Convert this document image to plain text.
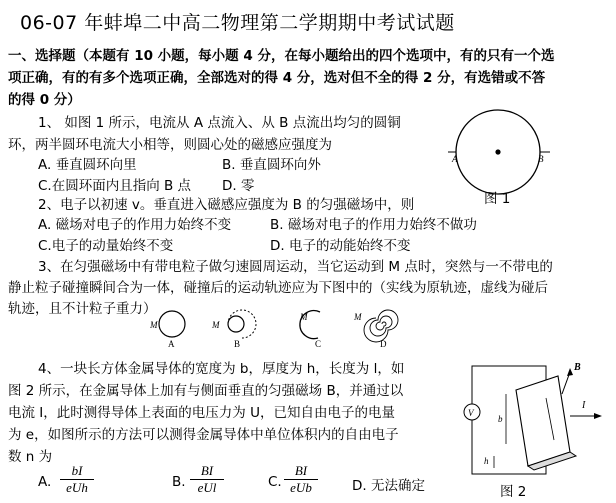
06-07 年蚌埠二中高二物理第二学期期中考试试题
一、选择题（本题有 10 小题，每小题 4 分，在每小题给出的四个选项中，有的只有一个选
项正确，有的有多个选项正确，全部选对的得 4 分，选对但不全的得 2 分，有选错或不答
的得 0 分）
1、 如图 1 所示，电流从 A 点流入、从 B 点流出均匀的圆铜
环，两半圆环电流大小相等，则圆心处的磁感应强度为
A. 垂直圆环向里	B. 垂直圆环向外
C.在圆环面内且指向 B 点 D. 零
A	B
图 1
2、电子以初速 v。垂直进入磁感应强度为 B 的匀强磁场中，则
A. 磁场对电子的作用力始终不变	B. 磁场对电子的作用力始终不做功
C.电子的动量始终不变	D. 电子的动能始终不变
3、在匀强磁场中有带电粒子做匀速圆周运动，当它运动到 M 点时，突然与一不带电的
静止粒子碰撞瞬间合为一体，碰撞后的运动轨迹应为下图中的（实线为原轨迹，虚线为碰后
轨迹，且不计粒子重力）
M
A
M
B
M
C
M
D
4、一块长方体金属导体的宽度为 b，厚度为 h，长度为 l，如
图 2 所示，在金属导体上加有与侧面垂直的匀强磁场 B，并通过以
电流 I，此时测得导体上表面的电压力为 U，已知自由电子的电量
为 e，如图所示的方法可以测得金属导体中单位体积内的自由电子
数 n 为
A.
bI
eUh	B.
BI
eUl	C.
BI
eUb	D. 无法确定
V
B
I
b
h
图 2
